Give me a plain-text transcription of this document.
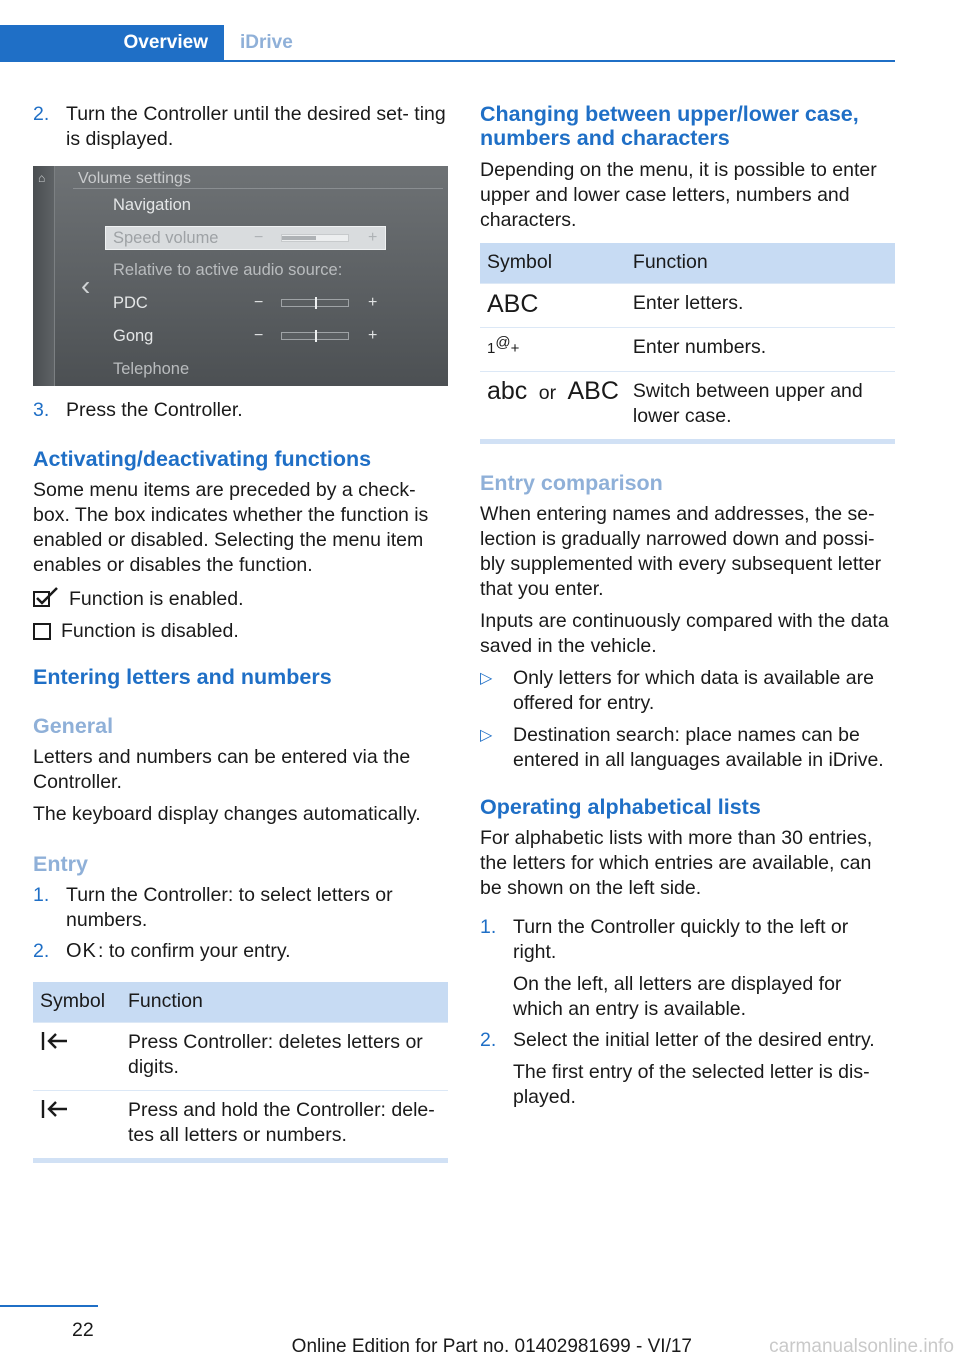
Overview	iDrive
2. Turn the Controller until the desired set‐ ting is displayed.
⌂ Volume settings
‹
Navigation
Speed volume −	+
Relative to active audio source:
PDC	−	+
Gong	−	+
Telephone
3. Press the Controller.
Activating/deactivating functions

Some menu items are preceded by a check‐ box. The box indicates whether the function is enabled or disabled. Selecting the menu item enables or disables the function.

Function is enabled.
Function is disabled.
Entering letters and numbers
General

Letters and numbers can be entered via the Controller.

The keyboard display changes automatically.

Entry
1. Turn the Controller: to select letters or numbers.
2. OK: to confirm your entry.
Symbol	Function
	Press Controller: deletes letters or digits.
	Press and hold the Controller: dele‐ tes all letters or numbers.
Changing between upper/lower case, numbers and characters

Depending on the menu, it is possible to enter upper and lower case letters, numbers and characters.

Symbol	Function
ABC	Enter letters.
1@+	Enter numbers.
abc or ABC	Switch between upper and lower case.
Entry comparison

When entering names and addresses, the se‐ lection is gradually narrowed down and possi‐ bly supplemented with every subsequent letter that you enter.

Inputs are continuously compared with the data saved in the vehicle.

▷ Only letters for which data is available are offered for entry.
▷ Destination search: place names can be entered in all languages available in iDrive.
Operating alphabetical lists

For alphabetic lists with more than 30 entries, the letters for which entries are available, can be shown on the left side.

1. Turn the Controller quickly to the left or right.
On the left, all letters are displayed for which an entry is available.
2. Select the initial letter of the desired entry.
The first entry of the selected letter is dis‐ played.
22
Online Edition for Part no. 01402981699 - VI/17	carmanualsonline.info
